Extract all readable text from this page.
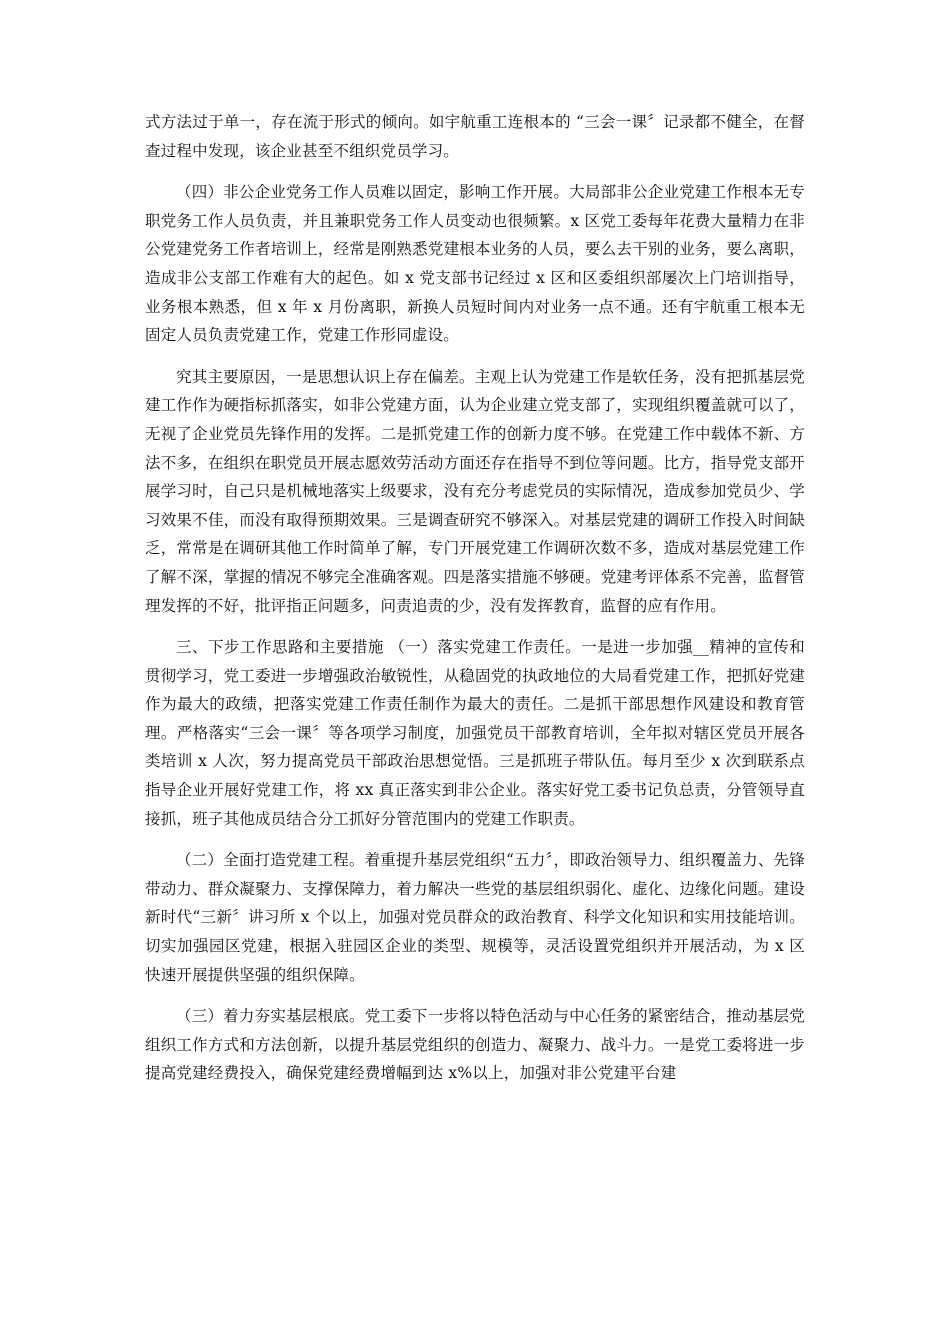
式方法过于单一，存在流于形式的倾向。如宇航重工连根本的 “三会一课〞记录都不健全，在督查过程中发现，该企业甚至不组织党员学习。

（四）非公企业党务工作人员难以固定，影响工作开展。大局部非公企业党建工作根本无专职党务工作人员负责，并且兼职党务工作人员变动也很频繁。x 区党工委每年花费大量精力在非公党建党务工作者培训上，经常是刚熟悉党建根本业务的人员，要么去干别的业务，要么离职，造成非公支部工作难有大的起色。如 x 党支部书记经过 x 区和区委组织部屡次上门培训指导，业务根本熟悉，但 x 年 x 月份离职，新换人员短时间内对业务一点不通。还有宇航重工根本无固定人员负责党建工作，党建工作形同虚设。

究其主要原因，一是思想认识上存在偏差。主观上认为党建工作是软任务，没有把抓基层党建工作作为硬指标抓落实，如非公党建方面，认为企业建立党支部了，实现组织覆盖就可以了，无视了企业党员先锋作用的发挥。二是抓党建工作的创新力度不够。在党建工作中载体不新、方法不多，在组织在职党员开展志愿效劳活动方面还存在指导不到位等问题。比方，指导党支部开展学习时，自己只是机械地落实上级要求，没有充分考虑党员的实际情况，造成参加党员少、学习效果不佳，而没有取得预期效果。三是调查研究不够深入。对基层党建的调研工作投入时间缺乏，常常是在调研其他工作时简单了解，专门开展党建工作调研次数不多，造成对基层党建工作了解不深，掌握的情况不够完全准确客观。四是落实措施不够硬。党建考评体系不完善，监督管理发挥的不好，批评指正问题多，问责追责的少，没有发挥教育，监督的应有作用。

三、下步工作思路和主要措施 （一）落实党建工作责任。一是进一步加强__精神的宣传和贯彻学习，党工委进一步增强政治敏锐性，从稳固党的执政地位的大局看党建工作，把抓好党建作为最大的政绩，把落实党建工作责任制作为最大的责任。二是抓干部思想作风建设和教育管理。严格落实“三会一课〞等各项学习制度，加强党员干部教育培训，全年拟对辖区党员开展各类培训 x 人次，努力提高党员干部政治思想觉悟。三是抓班子带队伍。每月至少 x 次到联系点指导企业开展好党建工作，将 xx 真正落实到非公企业。落实好党工委书记负总责，分管领导直接抓，班子其他成员结合分工抓好分管范围内的党建工作职责。

（二）全面打造党建工程。着重提升基层党组织“五力〞，即政治领导力、组织覆盖力、先锋带动力、群众凝聚力、支撑保障力，着力解决一些党的基层组织弱化、虚化、边缘化问题。建设新时代“三新〞讲习所 x 个以上，加强对党员群众的政治教育、科学文化知识和实用技能培训。切实加强园区党建，根据入驻园区企业的类型、规模等，灵活设置党组织并开展活动，为 x 区快速开展提供坚强的组织保障。

（三）着力夯实基层根底。党工委下一步将以特色活动与中心任务的紧密结合，推动基层党组织工作方式和方法创新，以提升基层党组织的创造力、凝聚力、战斗力。一是党工委将进一步提高党建经费投入，确保党建经费增幅到达 x%以上，加强对非公党建平台建
